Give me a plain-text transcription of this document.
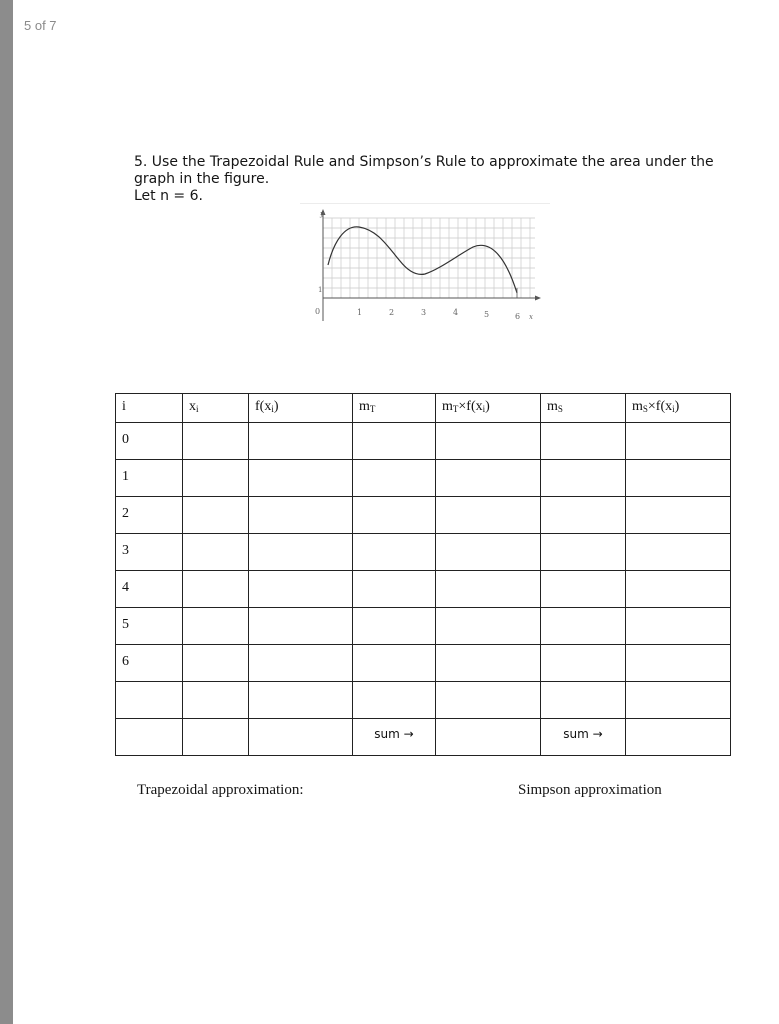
5 of 7
5. Use the Trapezoidal Rule and Simpson’s Rule to approximate the area under the
graph in the figure.
Let n = 6.
y
0
1
1	2	3	4	5	6 x
i	$x_i$	$f(x_i)$	$m_T$	$m_T\times f(x_i)$	$m_S$	$m_S\times f(x_i)$

0						

1						

2						

3						

4						

5						

6						

			sum →		sum →	

Trapezoidal approximation:	Simpson approximation
